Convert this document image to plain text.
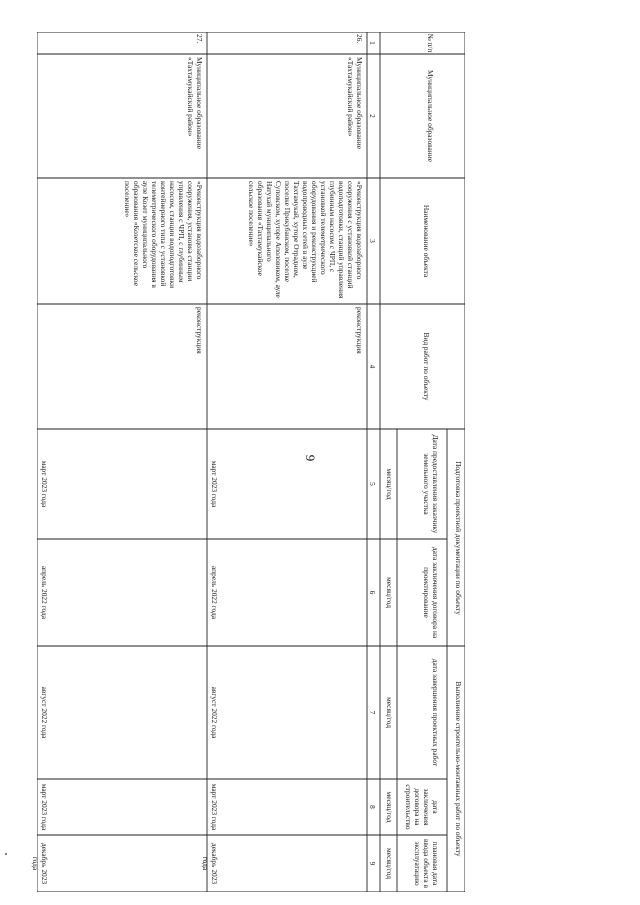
9
№ п/п
Муниципальное образование
Наименование объекта
Вид работ по объекту
Подготовка проектной документации по объекту
Дата предоставления заказчику земельного участка
дата заключения договора на проектирование
Выполнение строительно-монтажных работ по объекту
дата завершения проектных работ
дата заключения договора на строительство
месяц/год
месяц/год
месяц/год
месяц/год
1
2
3
4
5
6
7
8
26.
Муниципальное образование «Тахтамукайский район»
«Реконструкция водозаборного сооружения с установкой станций водоподготовки, станций управления глубинным насосом с ЧРП, с установкой телеметрического оборудования и реконструкцией водопроводных сетей в ауле Тахтамукай, хуторе Отрадном, поселке Прикубанском, поселке Суповском, хуторе Аполовиком, ауле Натухай муниципального образования «Тахтамукайское сельское поселение»
реконструкция
март 2023 года
апрель 2022 года
август 2022 года
март 2023 года
27.
Муниципальное образование «Тахтамукайский район»
«Реконструкция водозаборного сооружения, установка станции управления с ЧРП, с глубинным насосом, станции водоподготовки контейнерного типа с установкой телеметрического оборудования в ауле Козет муниципального образования «Козетское сельское поселение»
реконструкция
март 2023 года
апрель 2022 года
август 2022 года
март 2023 года
плановая дата ввода объекта в эксплуатацию
месяц/год
9
декабрь 2023 года
декабрь 2023 года
